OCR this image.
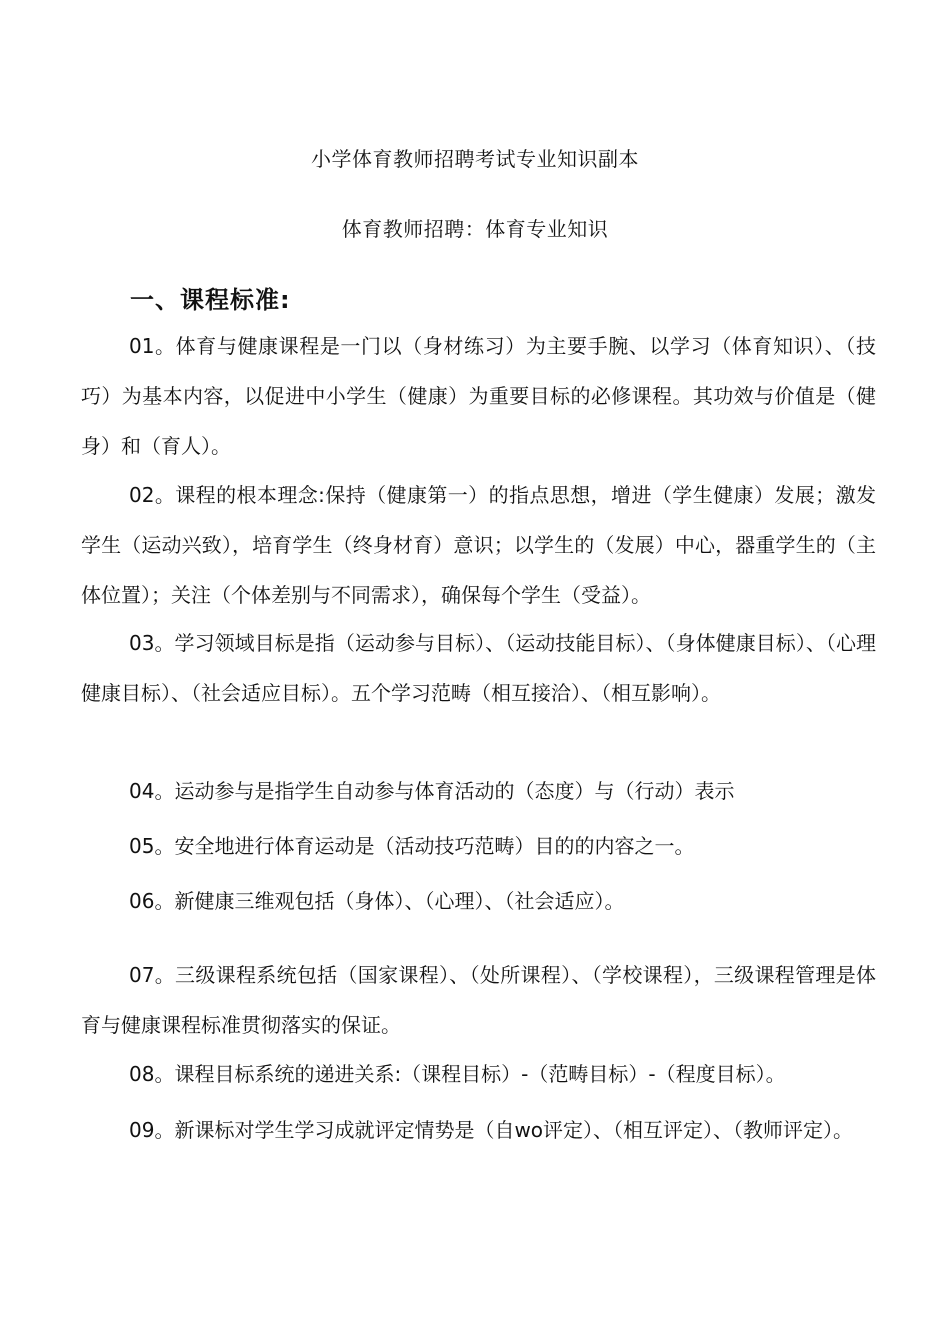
小学体育教师招聘考试专业知识副本
体育教师招聘：体育专业知识
一、课程标准:

01。体育与健康课程是一门以（身材练习）为主要手腕、以学习（体育知识）、（技巧）为基本内容，以促进中小学生（健康）为重要目标的必修课程。其功效与价值是（健身）和（育人）。

02。课程的根本理念:保持（健康第一）的指点思想，增进（学生健康）发展；激发学生（运动兴致），培育学生（终身材育）意识；以学生的（发展）中心，器重学生的（主体位置）；关注（个体差别与不同需求），确保每个学生（受益）。

03。学习领域目标是指（运动参与目标）、（运动技能目标）、（身体健康目标）、（心理健康目标）、（社会适应目标）。五个学习范畴（相互接洽）、（相互影响）。

04。运动参与是指学生自动参与体育活动的（态度）与（行动）表示

05。安全地进行体育运动是（活动技巧范畴）目的的内容之一。

06。新健康三维观包括（身体）、（心理）、（社会适应）。

07。三级课程系统包括（国家课程）、（处所课程）、（学校课程），三级课程管理是体育与健康课程标准贯彻落实的保证。

08。课程目标系统的递进关系:（课程目标）-（范畴目标）-（程度目标）。

09。新课标对学生学习成就评定情势是（自wo评定）、（相互评定）、（教师评定）。
